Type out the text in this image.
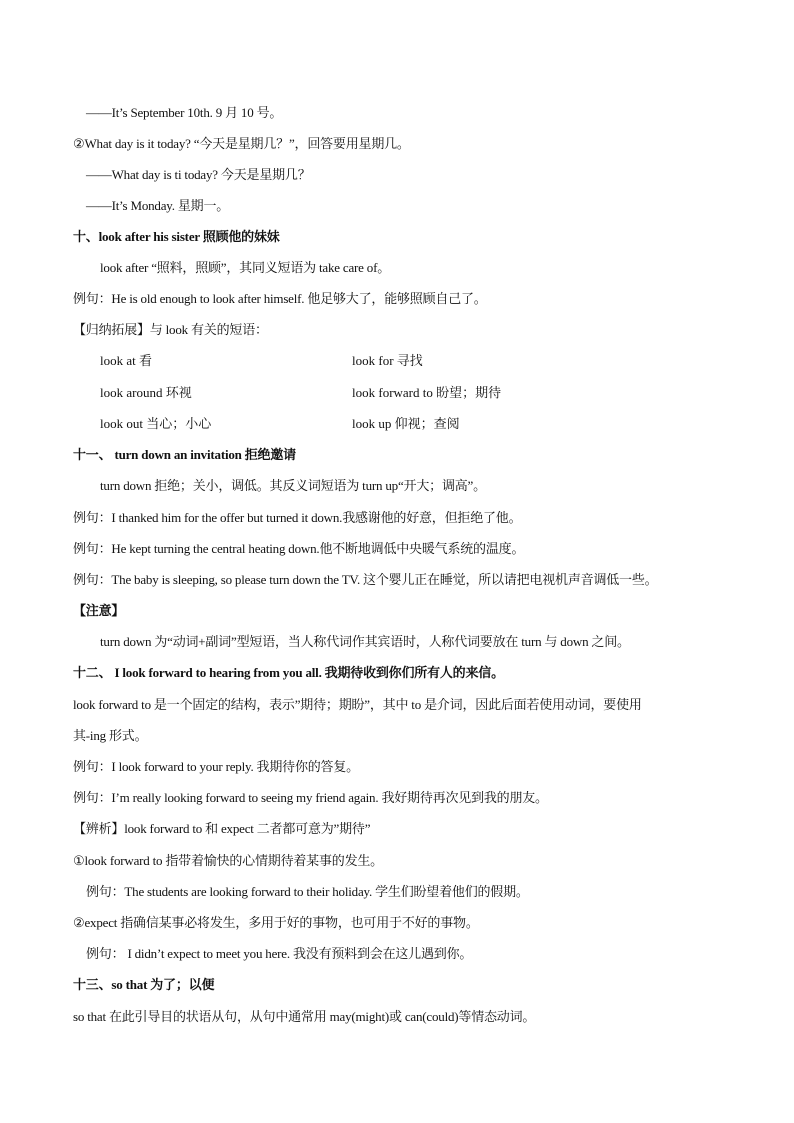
——It’s September 10th. 9 月 10 号。
②What day is it today? “今天是星期几？”，回答要用星期几。
——What day is ti today? 今天是星期几？
——It’s Monday. 星期一。
十、look after his sister 照顾他的妹妹
look after “照料，照顾”，其同义短语为 take care of。
例句：He is old enough to look after himself. 他足够大了，能够照顾自己了。
【归纳拓展】与 look 有关的短语：
look at 看	look for 寻找
look around 环视	look forward to 盼望；期待
look out 当心；小心	look up 仰视；查阅
十一、 turn down an invitation 拒绝邀请
turn down 拒绝；关小，调低。其反义词短语为 turn up“开大；调高”。
例句：I thanked him for the offer but turned it down.我感谢他的好意，但拒绝了他。
例句：He kept turning the central heating down.他不断地调低中央暖气系统的温度。
例句：The baby is sleeping, so please turn down the TV. 这个婴儿正在睡觉，所以请把电视机声音调低一些。
【注意】
turn down 为“动词+副词”型短语，当人称代词作其宾语时，人称代词要放在 turn 与 down 之间。
十二、 I look forward to hearing from you all. 我期待收到你们所有人的来信。
look forward to 是一个固定的结构，表示”期待；期盼”，其中 to 是介词，因此后面若使用动词，要使用
其-ing 形式。
例句：I look forward to your reply. 我期待你的答复。
例句：I’m really looking forward to seeing my friend again. 我好期待再次见到我的朋友。
【辨析】look forward to 和 expect 二者都可意为”期待”
①look forward to 指带着愉快的心情期待着某事的发生。
例句：The students are looking forward to their holiday. 学生们盼望着他们的假期。
②expect 指确信某事必将发生，多用于好的事物，也可用于不好的事物。
例句： I didn’t expect to meet you here. 我没有预料到会在这儿遇到你。
十三、so that 为了；以便
so that 在此引导目的状语从句，从句中通常用 may(might)或 can(could)等情态动词。
